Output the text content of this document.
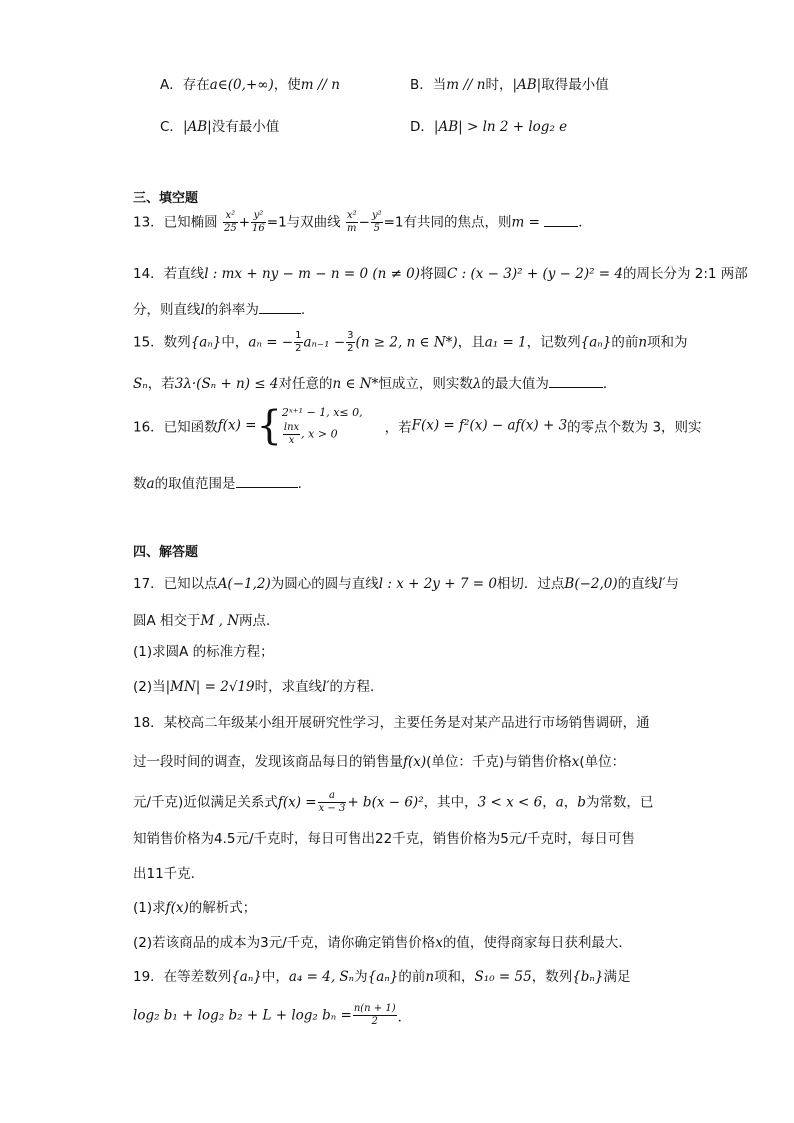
A．存在a∈(0,+∞)，使m // n	B．当m // n时，|AB|取得最小值
C．|AB|没有最小值	D．|AB| > ln 2 + log₂ e
三、填空题
13．已知椭圆 $\frac{\text{x²}}{25} + \frac{\text{y²}}{16} =1$与双曲线 $\frac{\text{x²}}{m} - \frac{\text{y²}}{5} =1$有共同的焦点，则m =	．
14．若直线l : mx + ny − m − n = 0 (n ≠ 0)将圆C : (x − 3)² + (y − 2)² = 4的周长分为 2:1 两部
分，则直线l的斜率为	.
15．数列{aₙ}中，aₙ = − $\frac{1}{2} a_{n-1} - \frac{3}{2} (n \ge 2$, n ∈ N*)，且a₁ = 1，记数列{aₙ}的前n项和为
Sₙ，若3λ·(Sₙ + n) ≤ 4对任意的n ∈ N*恒成立，则实数λ的最大值为	．
16．已知函数f(x) ={ 2ˣ⁺¹ − 1, x≤ 0,
$\frac{\ln x}{x}$ , x > 0	，若F(x) = f²(x) − af(x) + 3的零点个数为 3，则实
数a的取值范围是	.
四、解答题
17．已知以点A(−1,2)为圆心的圆与直线l : x + 2y + 7 = 0相切．过点B(−2,0)的直线l′与
圆A 相交于M , N两点．
(1)求圆A 的标准方程；
(2)当|MN| = 2√19时，求直线l′的方程．
18．某校高二年级某小组开展研究性学习，主要任务是对某产品进行市场销售调研，通
过一段时间的调查，发现该商品每日的销售量f(x)(单位：千克)与销售价格x(单位：
元/千克)近似满足关系式$f(x) = \frac{a}{x - 3} + b(x - 6)^2$，其中，3 < x < 6，a，b为常数，已
知销售价格为4.5元/千克时，每日可售出22千克，销售价格为5元/千克时，每日可售
出11千克．
(1)求f(x)的解析式；
(2)若该商品的成本为3元/千克，请你确定销售价格x的值，使得商家每日获利最大．
19．在等差数列{aₙ}中，a₄ = 4, Sₙ为{aₙ}的前n项和，S₁₀ = 55，数列{bₙ}满足
log₂ b₁ + log₂ b₂ + L + log₂ $b_n = \frac{n(n + 1)}{2}$ ．
